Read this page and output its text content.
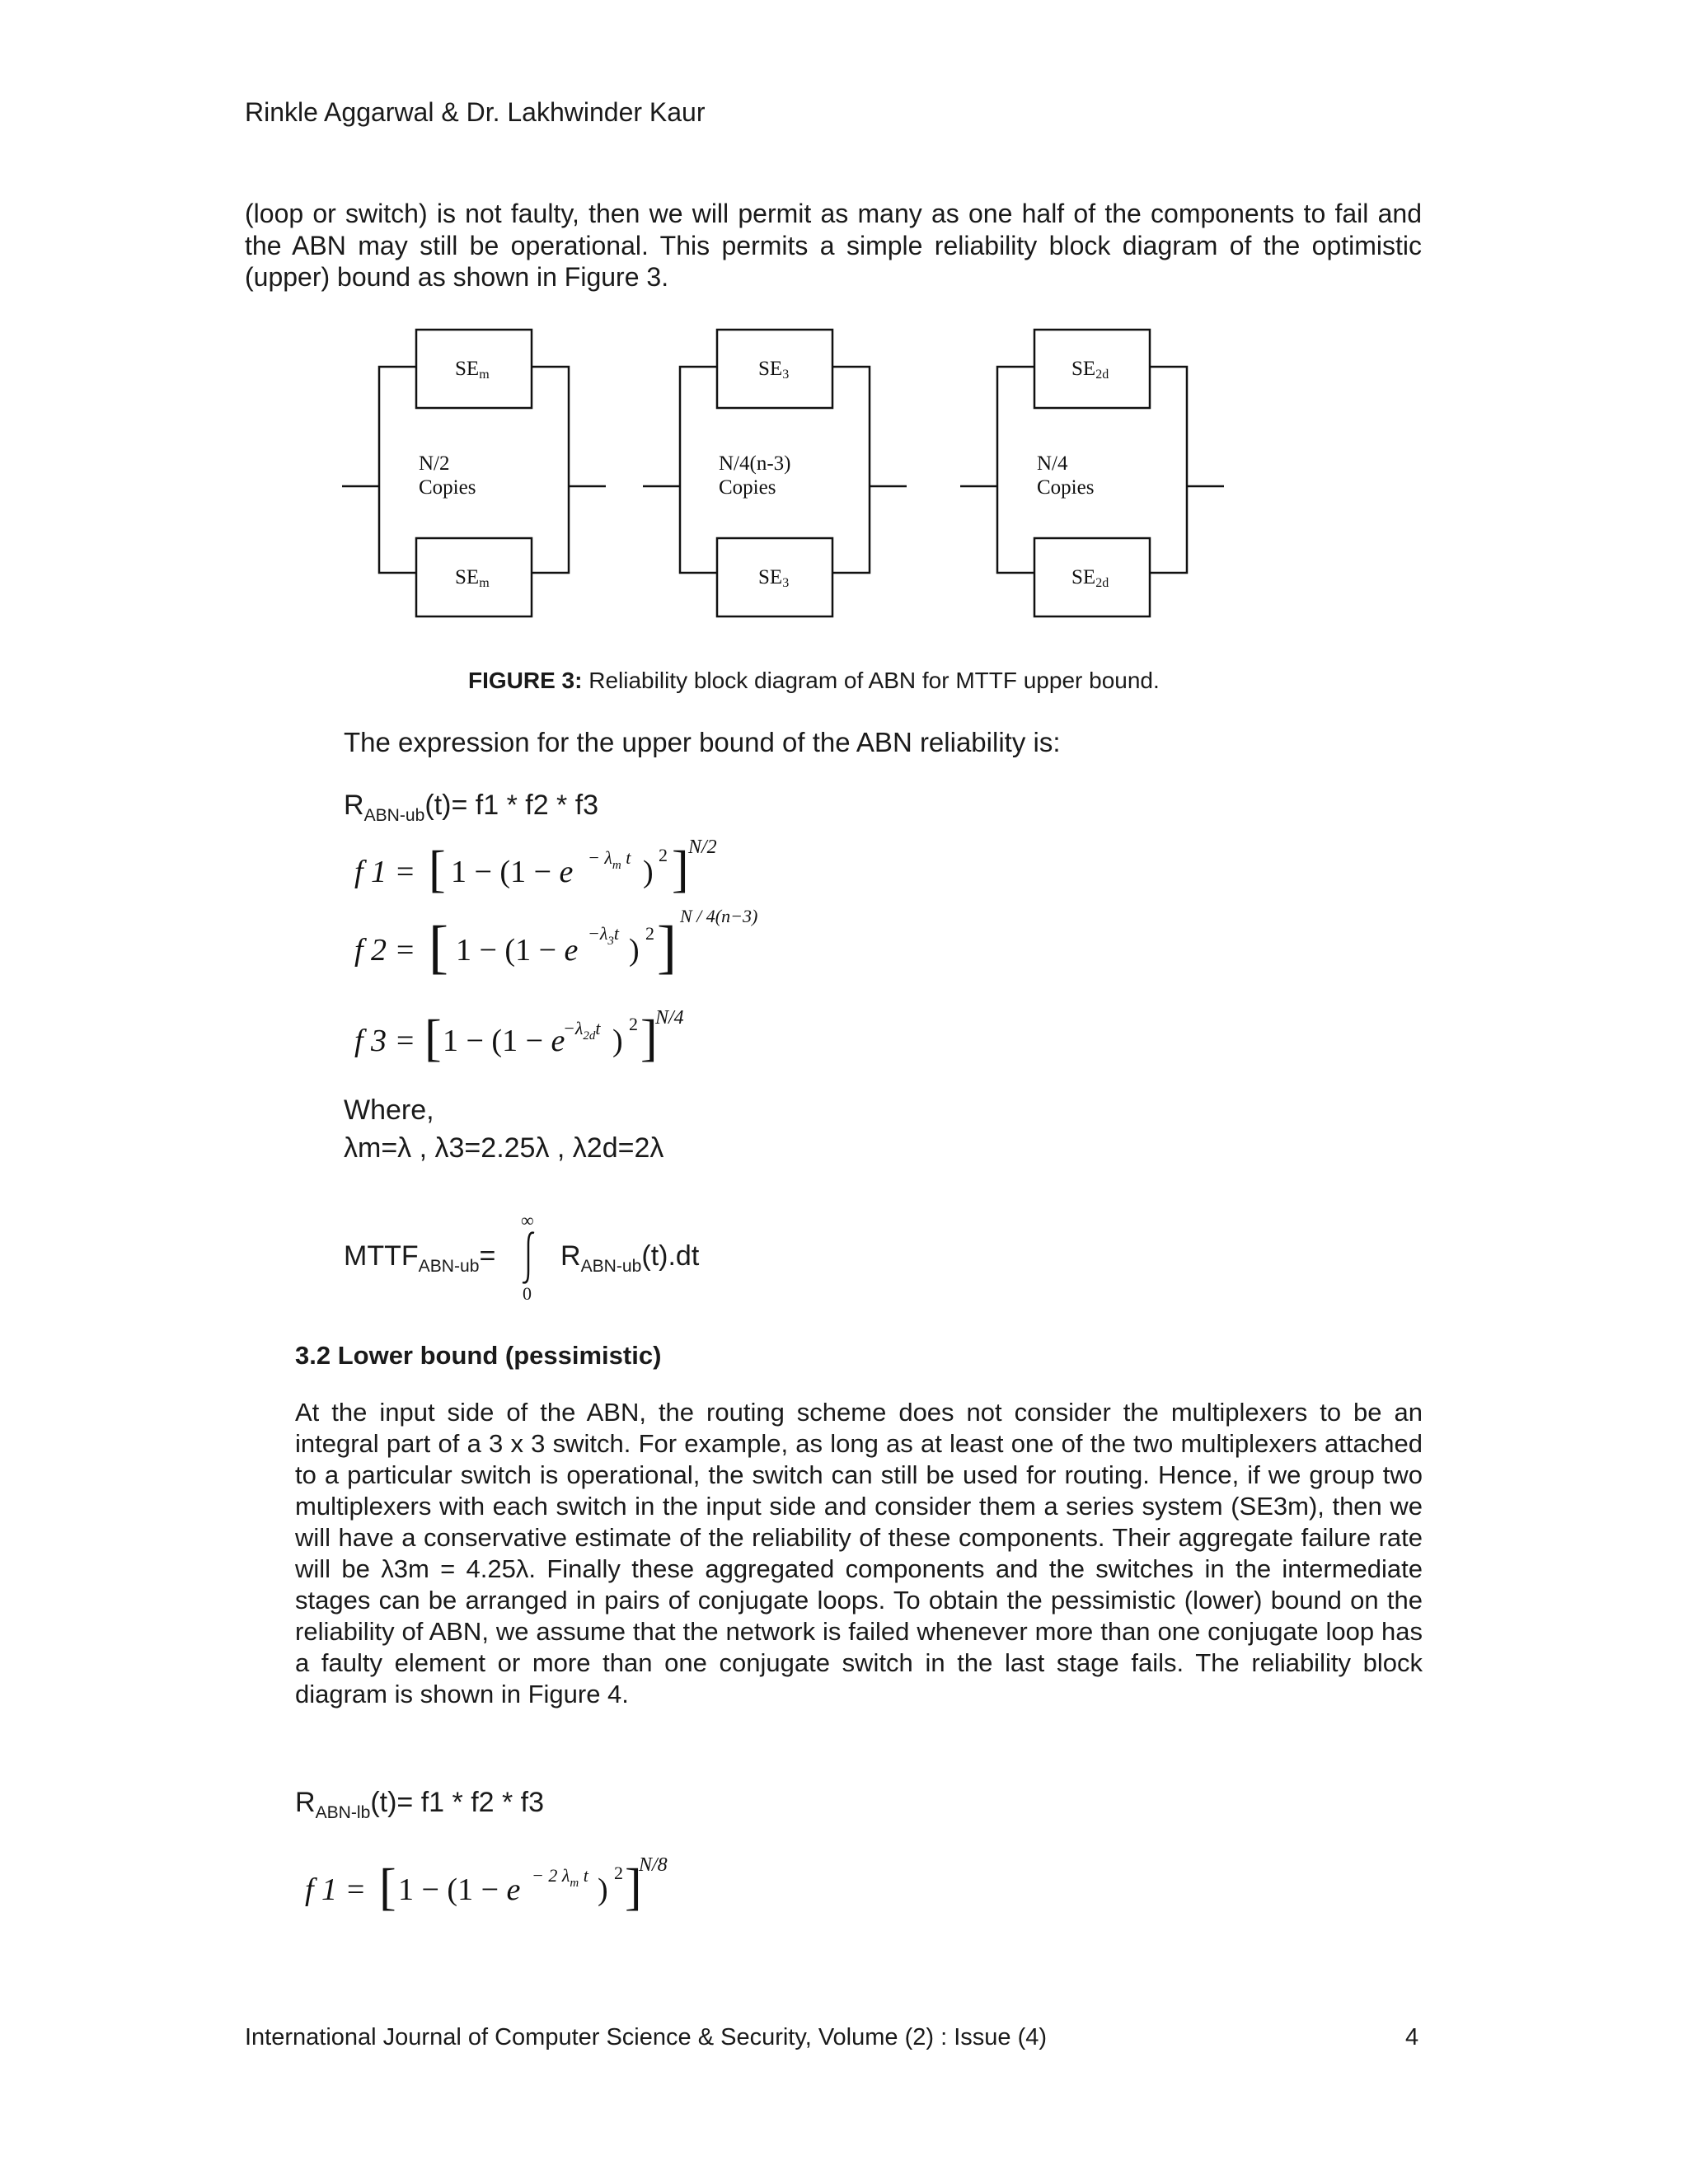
Rinkle Aggarwal & Dr. Lakhwinder Kaur

(loop or switch) is not faulty, then we will permit as many as one half of the components to fail and the ABN may still be operational. This permits a simple reliability block diagram of the optimistic (upper) bound as shown in Figure 3.

SEm
N/2
Copies
SEm
SE3
N/4(n-3)
Copies
SE3
SE2d
N/4
Copies
SE2d
FIGURE 3: Reliability block diagram of ABN for MTTF upper bound.
The expression for the upper bound of the ABN reliability is:
$R_{ABN-ub}(t)= f1 * f2 * f3$
f 1 = [ $1 - (1 - e - \lambda_m$ t ) 2 ] N/2
f 2 = [ $1 - (1 - e -\lambda_3t$ ) 2 ] N / 4(n−3)
f 3 = [ 1 − (1 − e
$-\lambda_{2d}t$ ) 2 ]
N/4
Where,
λm=λ , λ3=2.25λ , λ2d=2λ
$MTTF_{ABN-ub}=$
∞
0
$R_{ABN-ub}(t).dt$
3.2 Lower bound (pessimistic)

At the input side of the ABN, the routing scheme does not consider the multiplexers to be an integral part of a 3 x 3 switch. For example, as long as at least one of the two multiplexers attached to a particular switch is operational, the switch can still be used for routing. Hence, if we group two multiplexers with each switch in the input side and consider them a series system (SE3m), then we will have a conservative estimate of the reliability of these components. Their aggregate failure rate will be λ3m = 4.25λ. Finally these aggregated components and the switches in the intermediate stages can be arranged in pairs of conjugate loops. To obtain the pessimistic (lower) bound on the reliability of ABN, we assume that the network is failed whenever more than one conjugate loop has a faulty element or more than one conjugate switch in the last stage fails. The reliability block diagram is shown in Figure 4.

$R_{ABN-lb}(t)= f1 * f2 * f3$
f 1 = [ 1 − (1 − e − 2 $\lambda_m$ t ) 2 ]
N/8
International Journal of Computer Science & Security, Volume (2) : Issue (4)	4
